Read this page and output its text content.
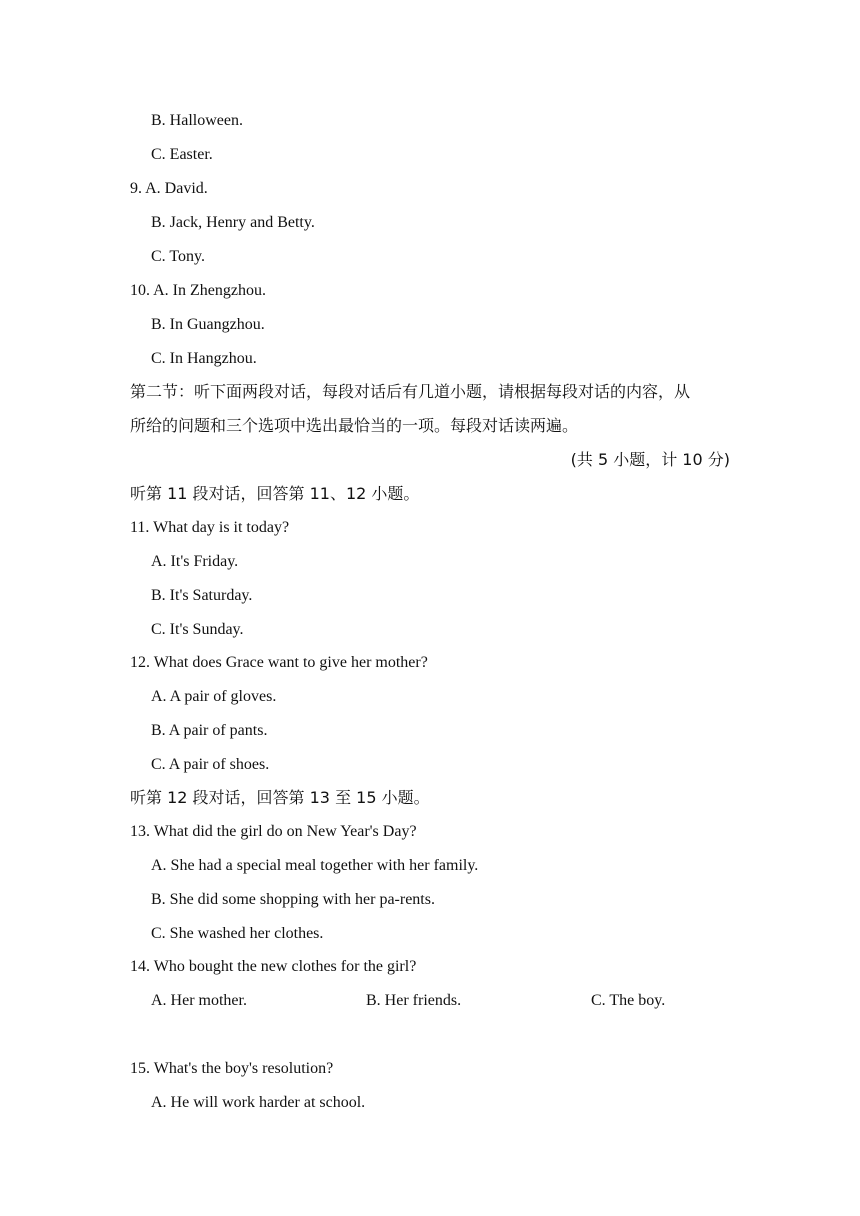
B. Halloween.
C. Easter.
9. A. David.
B. Jack, Henry and Betty.
C. Tony.
10. A. In Zhengzhou.
B. In Guangzhou.
C. In Hangzhou.
第二节：听下面两段对话，每段对话后有几道小题，请根据每段对话的内容，从
所给的问题和三个选项中选出最恰当的一项。每段对话读两遍。
(共 5 小题，计 10 分)
听第 11 段对话，回答第 11、12 小题。
11. What day is it today?
A. It's Friday.
B. It's Saturday.
C. It's Sunday.
12. What does Grace want to give her mother?
A. A pair of gloves.
B. A pair of pants.
C. A pair of shoes.
听第 12 段对话，回答第 13 至 15 小题。
13. What did the girl do on New Year's Day?
A. She had a special meal together with her family.
B. She did some shopping with her pa-rents.
C. She washed her clothes.
14. Who bought the new clothes for the girl?
A. Her mother.	B. Her friends.	C. The boy.
15. What's the boy's resolution?
A. He will work harder at school.
